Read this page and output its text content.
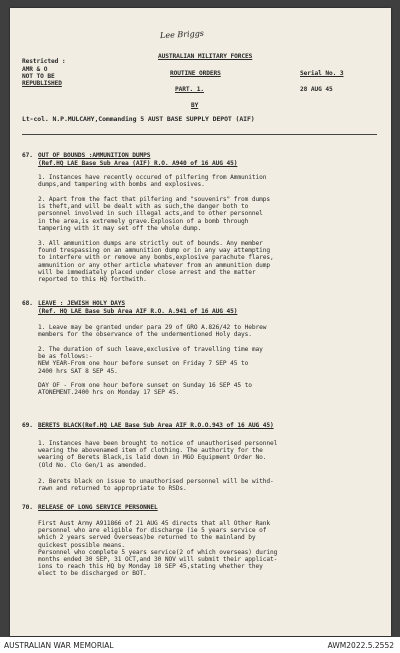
Lee Briggs
Restricted :
AMR & O
NOT TO BE
REPUBLISHED
AUSTRALIAN MILITARY FORCES
ROUTINE ORDERS	Serial No. 3
PART. 1.	28 AUG 45
BY
Lt-col. N.P.MULCAHY,Commanding 5 AUST BASE SUPPLY DEPOT (AIF)
67. OUT OF BOUNDS :AMMUNITION DUMPS
(Ref.HQ LAE Base Sub Area (AIF) R.O. A940 of 16 AUG 45)
1. Instances have recently occured of pilfering from Ammunition
dumps,and tampering with bombs and explosives.
2. Apart from the fact that pilfering and "souvenirs" from dumps
is theft,and will be dealt with as such,the danger both to
personnel involved in such illegal acts,and to other personnel
in the area,is extremely grave.Explosion of a bomb through
tampering with it may set off the whole dump.
3. All ammunition dumps are strictly out of bounds. Any member
found trespassing on an ammunition dump or in any way attempting
to interfere with or remove any bombs,explosive parachute flares,
ammunition or any other article whatever from an ammunition dump
will be immediately placed under close arrest and the matter
reported to this HQ forthwith.
68. LEAVE : JEWISH HOLY DAYS
(Ref. HQ LAE Base Sub Area AIF R.O. A.941 of 16 AUG 45)
1. Leave may be granted under para 29 of GRO A.826/42 to Hebrew
members for the observance of the undermentioned Holy days.
2. The duration of such leave,exclusive of travelling time may
be as follows:-
NEW YEAR-From one hour before sunset on Friday 7 SEP 45 to
2400 hrs SAT 8 SEP 45.

DAY OF - From one hour before sunset on Sunday 16 SEP 45 to
ATONEMENT.2400 hrs on Monday 17 SEP 45.
69. BERETS BLACK(Ref.HQ LAE Base Sub Area AIF R.O.O.943 of 16 AUG 45)
1. Instances have been brought to notice of unauthorised personnel
wearing the abovenamed item of clothing. The authority for the
wearing of Berets Black,is laid down in MGO Equipment Order No.
(Old No. Clo Gen/1 as amended.
2. Berets black on issue to unauthorised personnel will be withd-
rawn and returned to appropriate to RSDs.
70. RELEASE OF LONG SERVICE PERSONNEL
First Aust Army A911866 of 21 AUG 45 directs that all Other Rank
personnel who are eligible for discharge (ie 5 years service of
which 2 years served Overseas)be returned to the mainland by
quickest possible means.
Personnel who complete 5 years service(2 of which overseas) during
months ended 30 SEP, 31 OCT,and 30 NOV will submit their applicat-
ions to reach this HQ by Monday 10 SEP 45,stating whether they
elect to be discharged or BOT.
AUSTRALIAN WAR MEMORIAL	AWM2022.5.2552
